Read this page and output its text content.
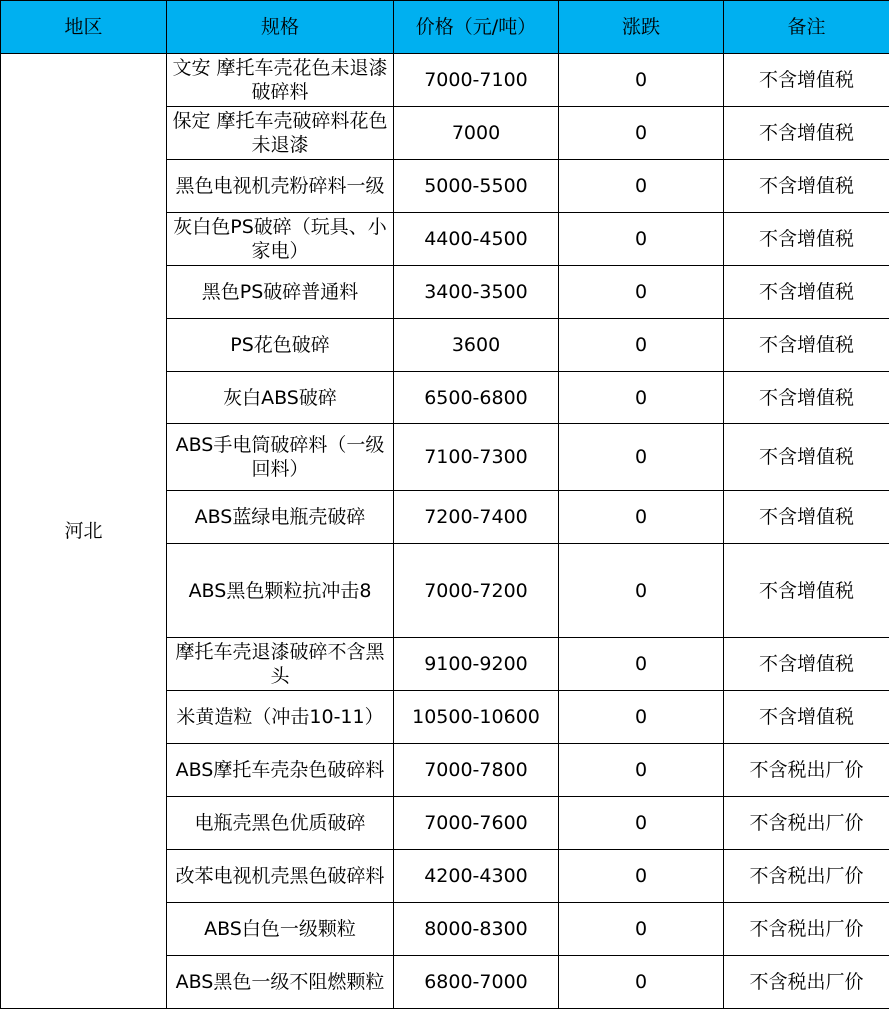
地区	规格	价格（元/吨）	涨跌	备注
河北	文安 摩托车壳花色未退漆破碎料	7000-7100	0	不含增值税
	保定 摩托车壳破碎料花色未退漆	7000	0	不含增值税
	黑色电视机壳粉碎料一级	5000-5500	0	不含增值税
	灰白色PS破碎（玩具、小家电）	4400-4500	0	不含增值税
	黑色PS破碎普通料	3400-3500	0	不含增值税
	PS花色破碎	3600	0	不含增值税
	灰白ABS破碎	6500-6800	0	不含增值税
	ABS手电筒破碎料（一级回料）	7100-7300	0	不含增值税
	ABS蓝绿电瓶壳破碎	7200-7400	0	不含增值税
	ABS黑色颗粒抗冲击8	7000-7200	0	不含增值税
	摩托车壳退漆破碎不含黑头	9100-9200	0	不含增值税
	米黄造粒（冲击10-11）	10500-10600	0	不含增值税
	ABS摩托车壳杂色破碎料	7000-7800	0	不含税出厂价
	电瓶壳黑色优质破碎	7000-7600	0	不含税出厂价
	改苯电视机壳黑色破碎料	4200-4300	0	不含税出厂价
	ABS白色一级颗粒	8000-8300	0	不含税出厂价
	ABS黑色一级不阻燃颗粒	6800-7000	0	不含税出厂价
